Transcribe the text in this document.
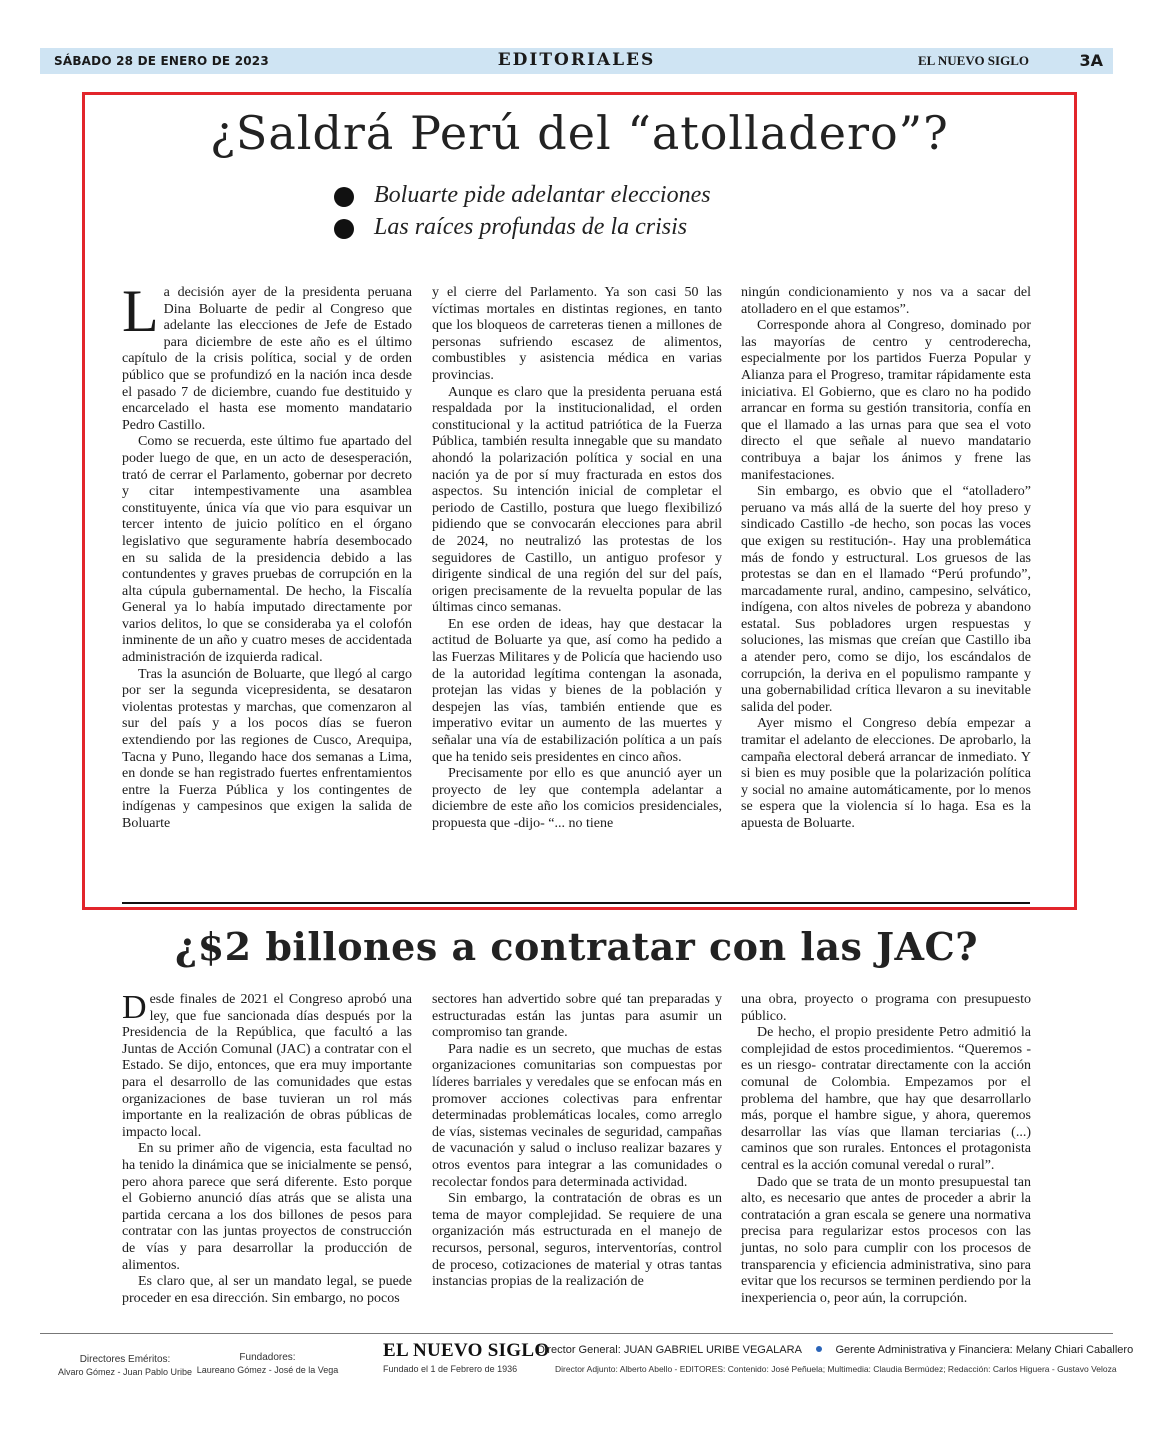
SÁBADO 28 DE ENERO DE 2023	EDITORIALES	EL NUEVO SIGLO	3A
¿Saldrá Perú del “atolladero”?
Boluarte pide adelantar elecciones
Las raíces profundas de la crisis

La decisión ayer de la presidenta peruana Dina Boluarte de pedir al Congreso que adelante las elecciones de Jefe de Estado para diciembre de este año es el último capítulo de la crisis política, social y de orden público que se profundizó en la nación inca desde el pasado 7 de diciembre, cuando fue destituido y encarcelado el hasta ese momento mandatario Pedro Castillo.

Como se recuerda, este último fue apartado del poder luego de que, en un acto de desesperación, trató de cerrar el Parlamento, gobernar por decreto y citar intempestivamente una asamblea constituyente, única vía que vio para esquivar un tercer intento de juicio político en el órgano legislativo que seguramente habría desembocado en su salida de la presidencia debido a las contundentes y graves pruebas de corrupción en la alta cúpula gubernamental. De hecho, la Fiscalía General ya lo había imputado directamente por varios delitos, lo que se consideraba ya el colofón inminente de un año y cuatro meses de accidentada administración de izquierda radical.

Tras la asunción de Boluarte, que llegó al cargo por ser la segunda vicepresidenta, se desataron violentas protestas y marchas, que comenzaron al sur del país y a los pocos días se fueron extendiendo por las regiones de Cusco, Arequipa, Tacna y Puno, llegando hace dos semanas a Lima, en donde se han registrado fuertes enfrentamientos entre la Fuerza Pública y los contingentes de indígenas y campesinos que exigen la salida de Boluarte

y el cierre del Parlamento. Ya son casi 50 las víctimas mortales en distintas regiones, en tanto que los bloqueos de carreteras tienen a millones de personas sufriendo escasez de alimentos, combustibles y asistencia médica en varias provincias.

Aunque es claro que la presidenta peruana está respaldada por la institucionalidad, el orden constitucional y la actitud patriótica de la Fuerza Pública, también resulta innegable que su mandato ahondó la polarización política y social en una nación ya de por sí muy fracturada en estos dos aspectos. Su intención inicial de completar el periodo de Castillo, postura que luego flexibilizó pidiendo que se convocarán elecciones para abril de 2024, no neutralizó las protestas de los seguidores de Castillo, un antiguo profesor y dirigente sindical de una región del sur del país, origen precisamente de la revuelta popular de las últimas cinco semanas.

En ese orden de ideas, hay que destacar la actitud de Boluarte ya que, así como ha pedido a las Fuerzas Militares y de Policía que haciendo uso de la autoridad legítima contengan la asonada, protejan las vidas y bienes de la población y despejen las vías, también entiende que es imperativo evitar un aumento de las muertes y señalar una vía de estabilización política a un país que ha tenido seis presidentes en cinco años.

Precisamente por ello es que anunció ayer un proyecto de ley que contempla adelantar a diciembre de este año los comicios presidenciales, propuesta que -dijo- “... no tiene

ningún condicionamiento y nos va a sacar del atolladero en el que estamos”.

Corresponde ahora al Congreso, dominado por las mayorías de centro y centroderecha, especialmente por los partidos Fuerza Popular y Alianza para el Progreso, tramitar rápidamente esta iniciativa. El Gobierno, que es claro no ha podido arrancar en forma su gestión transitoria, confía en que el llamado a las urnas para que sea el voto directo el que señale al nuevo mandatario contribuya a bajar los ánimos y frene las manifestaciones.

Sin embargo, es obvio que el “atolladero” peruano va más allá de la suerte del hoy preso y sindicado Castillo -de hecho, son pocas las voces que exigen su restitución-. Hay una problemática más de fondo y estructural. Los gruesos de las protestas se dan en el llamado “Perú profundo”, marcadamente rural, andino, campesino, selvático, indígena, con altos niveles de pobreza y abandono estatal. Sus pobladores urgen respuestas y soluciones, las mismas que creían que Castillo iba a atender pero, como se dijo, los escándalos de corrupción, la deriva en el populismo rampante y una gobernabilidad crítica llevaron a su inevitable salida del poder.

Ayer mismo el Congreso debía empezar a tramitar el adelanto de elecciones. De aprobarlo, la campaña electoral deberá arrancar de inmediato. Y si bien es muy posible que la polarización política y social no amaine automáticamente, por lo menos se espera que la violencia sí lo haga. Esa es la apuesta de Boluarte.

¿$2 billones a contratar con las JAC?

Desde finales de 2021 el Congreso aprobó una ley, que fue sancionada días después por la Presidencia de la República, que facultó a las Juntas de Acción Comunal (JAC) a contratar con el Estado. Se dijo, entonces, que era muy importante para el desarrollo de las comunidades que estas organizaciones de base tuvieran un rol más importante en la realización de obras públicas de impacto local.

En su primer año de vigencia, esta facultad no ha tenido la dinámica que se inicialmente se pensó, pero ahora parece que será diferente. Esto porque el Gobierno anunció días atrás que se alista una partida cercana a los dos billones de pesos para contratar con las juntas proyectos de construcción de vías y para desarrollar la producción de alimentos.

Es claro que, al ser un mandato legal, se puede proceder en esa dirección. Sin embargo, no pocos

sectores han advertido sobre qué tan preparadas y estructuradas están las juntas para asumir un compromiso tan grande.

Para nadie es un secreto, que muchas de estas organizaciones comunitarias son compuestas por líderes barriales y veredales que se enfocan más en promover acciones colectivas para enfrentar determinadas problemáticas locales, como arreglo de vías, sistemas vecinales de seguridad, campañas de vacunación y salud o incluso realizar bazares y otros eventos para integrar a las comunidades o recolectar fondos para determinada actividad.

Sin embargo, la contratación de obras es un tema de mayor complejidad. Se requiere de una organización más estructurada en el manejo de recursos, personal, seguros, interventorías, control de proceso, cotizaciones de material y otras tantas instancias propias de la realización de

una obra, proyecto o programa con presupuesto público.

De hecho, el propio presidente Petro admitió la complejidad de estos procedimientos. “Queremos -es un riesgo- contratar directamente con la acción comunal de Colombia. Empezamos por el problema del hambre, que hay que desarrollarlo más, porque el hambre sigue, y ahora, queremos desarrollar las vías que llaman terciarias (...) caminos que son rurales. Entonces el protagonista central es la acción comunal veredal o rural”.

Dado que se trata de un monto presupuestal tan alto, es necesario que antes de proceder a abrir la contratación a gran escala se genere una normativa precisa para regularizar estos procesos con las juntas, no solo para cumplir con los procesos de transparencia y eficiencia administrativa, sino para evitar que los recursos se terminen perdiendo por la inexperiencia o, peor aún, la corrupción.

Directores Eméritos:
Alvaro Gómez - Juan Pablo Uribe
Fundadores:
Laureano Gómez - José de la Vega
EL NUEVO SIGLO
Fundado el 1 de Febrero de 1936
Director General: JUAN GABRIEL URIBE VEGALARA	Gerente Administrativa y Financiera: Melany Chiari Caballero
Director Adjunto: Alberto Abello - EDITORES: Contenido: José Peñuela; Multimedia: Claudia Bermúdez; Redacción: Carlos Higuera - Gustavo Veloza
